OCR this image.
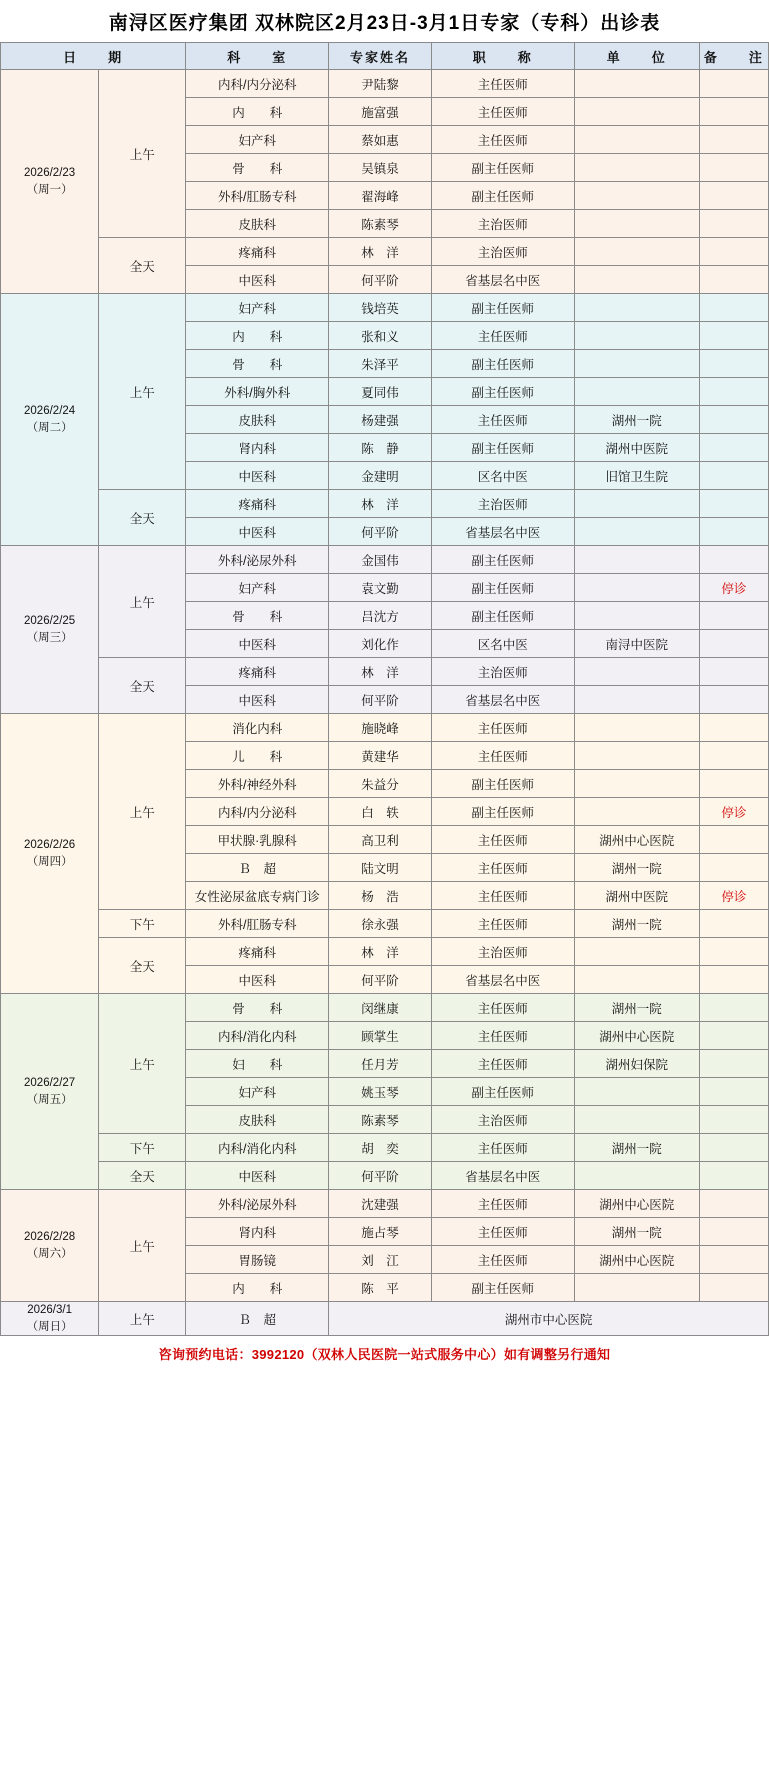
南浔区医疗集团 双林院区2月23日-3月1日专家（专科）出诊表
日　　期		科　　室	专家姓名	职　　称	单　　位	备　　注

2026/2/23
（周一）	上午	内科/内分泌科	尹陆黎	主任医师		
		内　　科	施富强	主任医师		
		妇产科	蔡如惠	主任医师		
		骨　　科	吴镇泉	副主任医师		
		外科/肛肠专科	翟海峰	副主任医师		
		皮肤科	陈素琴	主治医师		
	全天	疼痛科	林　洋	主治医师		
		中医科	何平阶	省基层名中医		

2026/2/24
（周二）	上午	妇产科	钱培英	副主任医师		
		内　　科	张和义	主任医师		
		骨　　科	朱泽平	副主任医师		
		外科/胸外科	夏同伟	副主任医师		
		皮肤科	杨建强	主任医师	湖州一院	
		肾内科	陈　静	副主任医师	湖州中医院	
		中医科	金建明	区名中医	旧馆卫生院	
	全天	疼痛科	林　洋	主治医师		
		中医科	何平阶	省基层名中医		

2026/2/25
（周三）	上午	外科/泌尿外科	金国伟	副主任医师		
		妇产科	袁文勤	副主任医师		停诊
		骨　　科	吕沈方	副主任医师		
		中医科	刘化作	区名中医	南浔中医院	
	全天	疼痛科	林　洋	主治医师		
		中医科	何平阶	省基层名中医		

2026/2/26
（周四）	上午	消化内科	施晓峰	主任医师		
		儿　　科	黄建华	主任医师		
		外科/神经外科	朱益分	副主任医师		
		内科/内分泌科	白　轶	副主任医师		停诊
		甲状腺·乳腺科	高卫利	主任医师	湖州中心医院	
		Ｂ　超	陆文明	主任医师	湖州一院	
		女性泌尿盆底专病门诊	杨　浩	主任医师	湖州中医院	停诊
	下午	外科/肛肠专科	徐永强	主任医师	湖州一院	
	全天	疼痛科	林　洋	主治医师		
		中医科	何平阶	省基层名中医		

2026/2/27
（周五）	上午	骨　　科	闵继康	主任医师	湖州一院	
		内科/消化内科	顾掌生	主任医师	湖州中心医院	
		妇　　科	任月芳	主任医师	湖州妇保院	
		妇产科	姚玉琴	副主任医师		
		皮肤科	陈素琴	主治医师		
	下午	内科/消化内科	胡　奕	主任医师	湖州一院	
	全天	中医科	何平阶	省基层名中医		

2026/2/28
（周六）	上午	外科/泌尿外科	沈建强	主任医师	湖州中心医院	
		肾内科	施占琴	主任医师	湖州一院	
		胃肠镜	刘　江	主任医师	湖州中心医院	
		内　　科	陈　平	副主任医师		

2026/3/1
（周日）	上午	Ｂ　超	湖州市中心医院			
咨询预约电话：3992120（双林人民医院一站式服务中心）如有调整另行通知
